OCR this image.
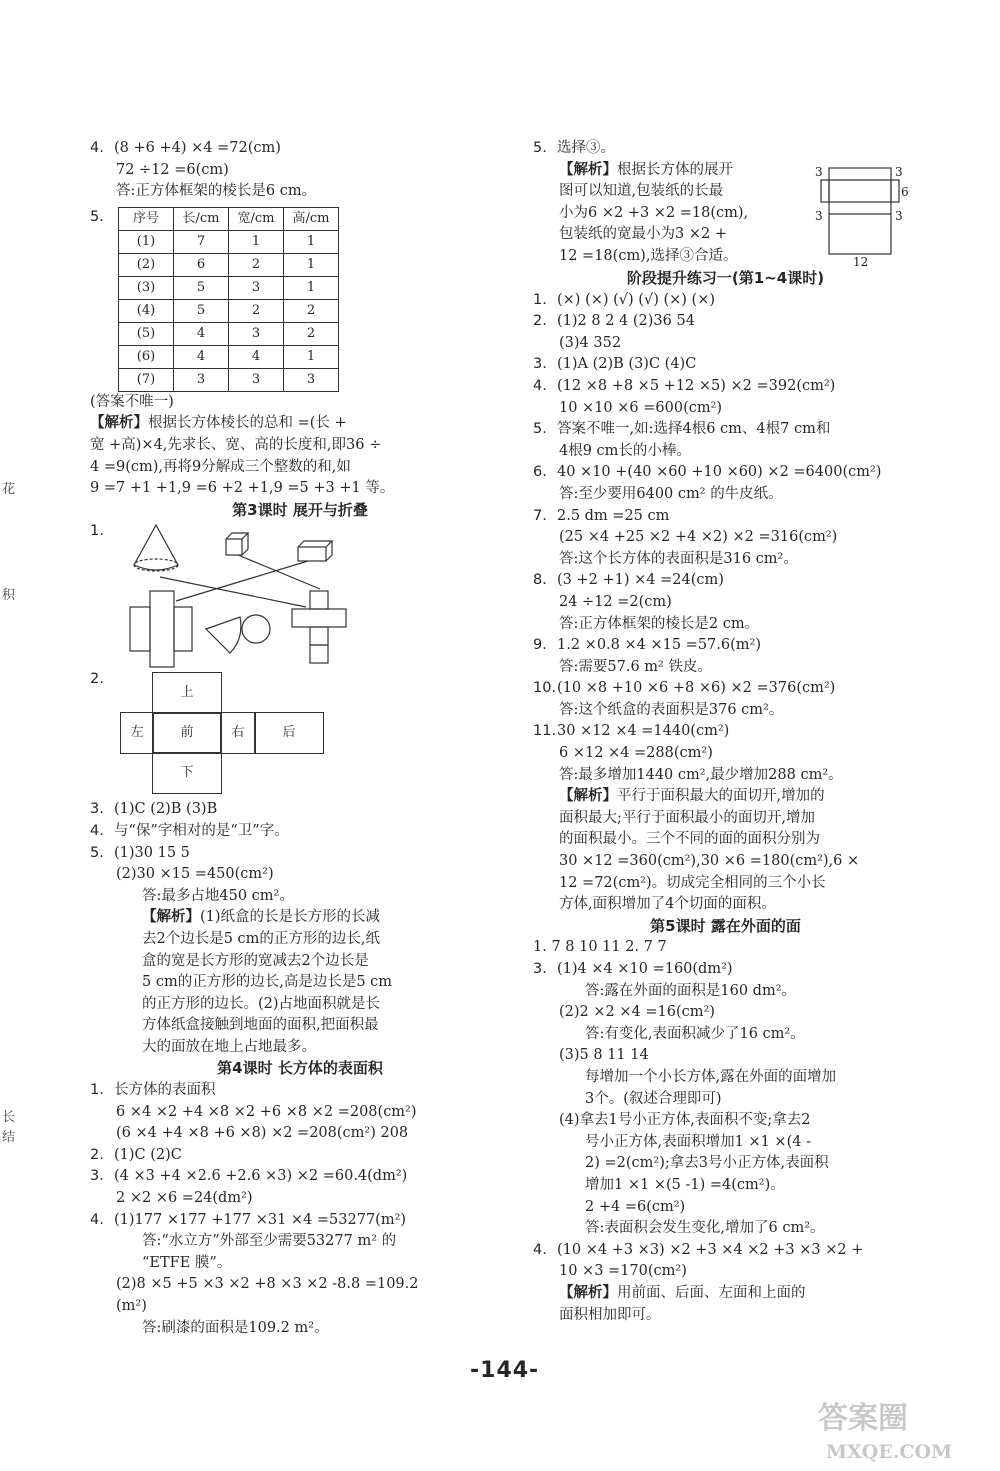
花
积
长
结
4. (8 +6 +4) ×4 =72(cm)
72 ÷12 =6(cm)
答:正方体框架的棱长是6 cm。
5.	序号	长/cm	宽/cm	高/cm
(1)	7	1	1
(2)	6	2	1
(3)	5	3	1
(4)	5	2	2
(5)	4	3	2
(6)	4	4	1
(7)	3	3	3
(答案不唯一)
【解析】根据长方体棱长的总和 =(长 +
宽 +高)×4,先求长、宽、高的长度和,即36 ÷
4 =9(cm),再将9分解成三个整数的和,如
9 =7 +1 +1,9 =6 +2 +1,9 =5 +3 +1 等。
第3课时 展开与折叠
1.
2.
上
左	前	右	后
下
3. (1)C (2)B (3)B
4. 与“保”字相对的是“卫”字。
5. (1)30 15 5
(2)30 ×15 =450(cm²)
答:最多占地450 cm²。
【解析】(1)纸盒的长是长方形的长减
去2个边长是5 cm的正方形的边长,纸
盒的宽是长方形的宽减去2个边长是
5 cm的正方形的边长,高是边长是5 cm
的正方形的边长。(2)占地面积就是长
方体纸盒接触到地面的面积,把面积最
大的面放在地上占地最多。
第4课时 长方体的表面积
1. 长方体的表面积
6 ×4 ×2 +4 ×8 ×2 +6 ×8 ×2 =208(cm²)
(6 ×4 +4 ×8 +6 ×8) ×2 =208(cm²) 208
2. (1)C (2)C
3. (4 ×3 +4 ×2.6 +2.6 ×3) ×2 =60.4(dm²)
2 ×2 ×6 =24(dm²)
4. (1)177 ×177 +177 ×31 ×4 =53277(m²)
答:“水立方”外部至少需要53277 m² 的
“ETFE 膜”。
(2)8 ×5 +5 ×3 ×2 +8 ×3 ×2 -8.8 =109.2
(m²)
答:刷漆的面积是109.2 m²。
5. 选择③。
【解析】根据长方体的展开
图可以知道,包装纸的长最
小为6 ×2 +3 ×2 =18(cm),
包装纸的宽最小为3 ×2 +
12 =18(cm),选择③合适。
3	3
6
3	3
12
阶段提升练习一(第1~4课时)
1. (×) (×) (√) (√) (×) (×)
2. (1)2 8 2 4 (2)36 54
(3)4 352
3. (1)A (2)B (3)C (4)C
4. (12 ×8 +8 ×5 +12 ×5) ×2 =392(cm²)
10 ×10 ×6 =600(cm²)
5. 答案不唯一,如:选择4根6 cm、4根7 cm和
4根9 cm长的小棒。
6. 40 ×10 +(40 ×60 +10 ×60) ×2 =6400(cm²)
答:至少要用6400 cm² 的牛皮纸。
7. 2.5 dm =25 cm
(25 ×4 +25 ×2 +4 ×2) ×2 =316(cm²)
答:这个长方体的表面积是316 cm²。
8. (3 +2 +1) ×4 =24(cm)
24 ÷12 =2(cm)
答:正方体框架的棱长是2 cm。
9. 1.2 ×0.8 ×4 ×15 =57.6(m²)
答:需要57.6 m² 铁皮。
10.(10 ×8 +10 ×6 +8 ×6) ×2 =376(cm²)
答:这个纸盒的表面积是376 cm²。
11.30 ×12 ×4 =1440(cm²)
6 ×12 ×4 =288(cm²)
答:最多增加1440 cm²,最少增加288 cm²。
【解析】平行于面积最大的面切开,增加的
面积最大;平行于面积最小的面切开,增加
的面积最小。三个不同的面的面积分别为
30 ×12 =360(cm²),30 ×6 =180(cm²),6 ×
12 =72(cm²)。切成完全相同的三个小长
方体,面积增加了4个切面的面积。
第5课时 露在外面的面
1. 7 8 10 11 2. 7 7
3. (1)4 ×4 ×10 =160(dm²)
答:露在外面的面积是160 dm²。
(2)2 ×2 ×4 =16(cm²)
答:有变化,表面积减少了16 cm²。
(3)5 8 11 14
每增加一个小长方体,露在外面的面增加
3个。(叙述合理即可)
(4)拿去1号小正方体,表面积不变;拿去2
号小正方体,表面积增加1 ×1 ×(4 -
2) =2(cm²);拿去3号小正方体,表面积
增加1 ×1 ×(5 -1) =4(cm²)。
2 +4 =6(cm²)
答:表面积会发生变化,增加了6 cm²。
4. (10 ×4 +3 ×3) ×2 +3 ×4 ×2 +3 ×3 ×2 +
10 ×3 =170(cm²)
【解析】用前面、后面、左面和上面的
面积相加即可。
-144-
答案圈
MXQE.COM
